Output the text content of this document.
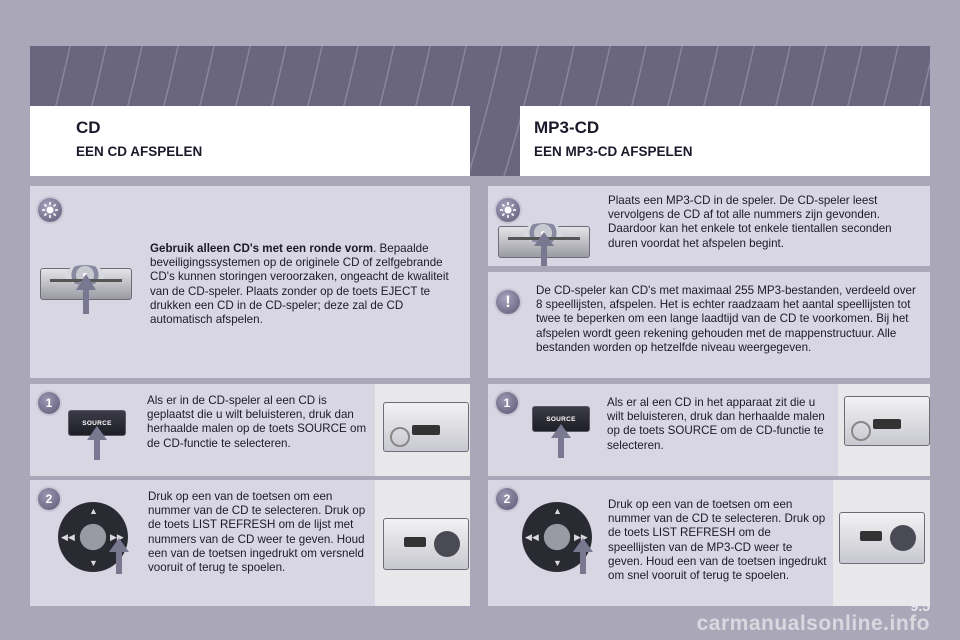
CD
EEN CD AFSPELEN
MP3-CD
EEN MP3-CD AFSPELEN
Gebruik alleen CD's met een ronde vorm. Bepaalde beveiligingssystemen op de originele CD of zelfgebrande CD's kunnen storingen veroorzaken, ongeacht de kwaliteit van de CD-speler. Plaats zonder op de toets EJECT te drukken een CD in de CD-speler; deze zal de CD automatisch afspelen.
1
SOURCE
Als er in de CD-speler al een CD is geplaatst die u wilt beluisteren, druk dan herhaalde malen op de toets SOURCE om de CD-functie te selecteren.
2
▲
▼
◀◀	▶▶
Druk op een van de toetsen om een nummer van de CD te selecteren. Druk op de toets LIST REFRESH om de lijst met nummers van de CD weer te geven. Houd een van de toetsen ingedrukt om versneld vooruit of terug te spoelen.
Plaats een MP3-CD in de speler. De CD-speler leest vervolgens de CD af tot alle nummers zijn gevonden. Daardoor kan het enkele tot enkele tientallen seconden duren voordat het afspelen begint.
!
De CD-speler kan CD's met maximaal 255 MP3-bestanden, verdeeld over 8 speellijsten, afspelen. Het is echter raadzaam het aantal speellijsten tot twee te beperken om een lange laadtijd van de CD te voorkomen. Bij het afspelen wordt geen rekening gehouden met de mappenstructuur. Alle bestanden worden op hetzelfde niveau weergegeven.
1
SOURCE
Als er al een CD in het apparaat zit die u wilt beluisteren, druk dan herhaalde malen op de toets SOURCE om de CD-functie te selecteren.
2
▲
▼
◀◀	▶▶
Druk op een van de toetsen om een nummer van de CD te selecteren. Druk op de toets LIST REFRESH om de speellijsten van de MP3-CD weer te geven. Houd een van de toetsen ingedrukt om snel vooruit of terug te spoelen.
carmanualsonline.info
9.5
